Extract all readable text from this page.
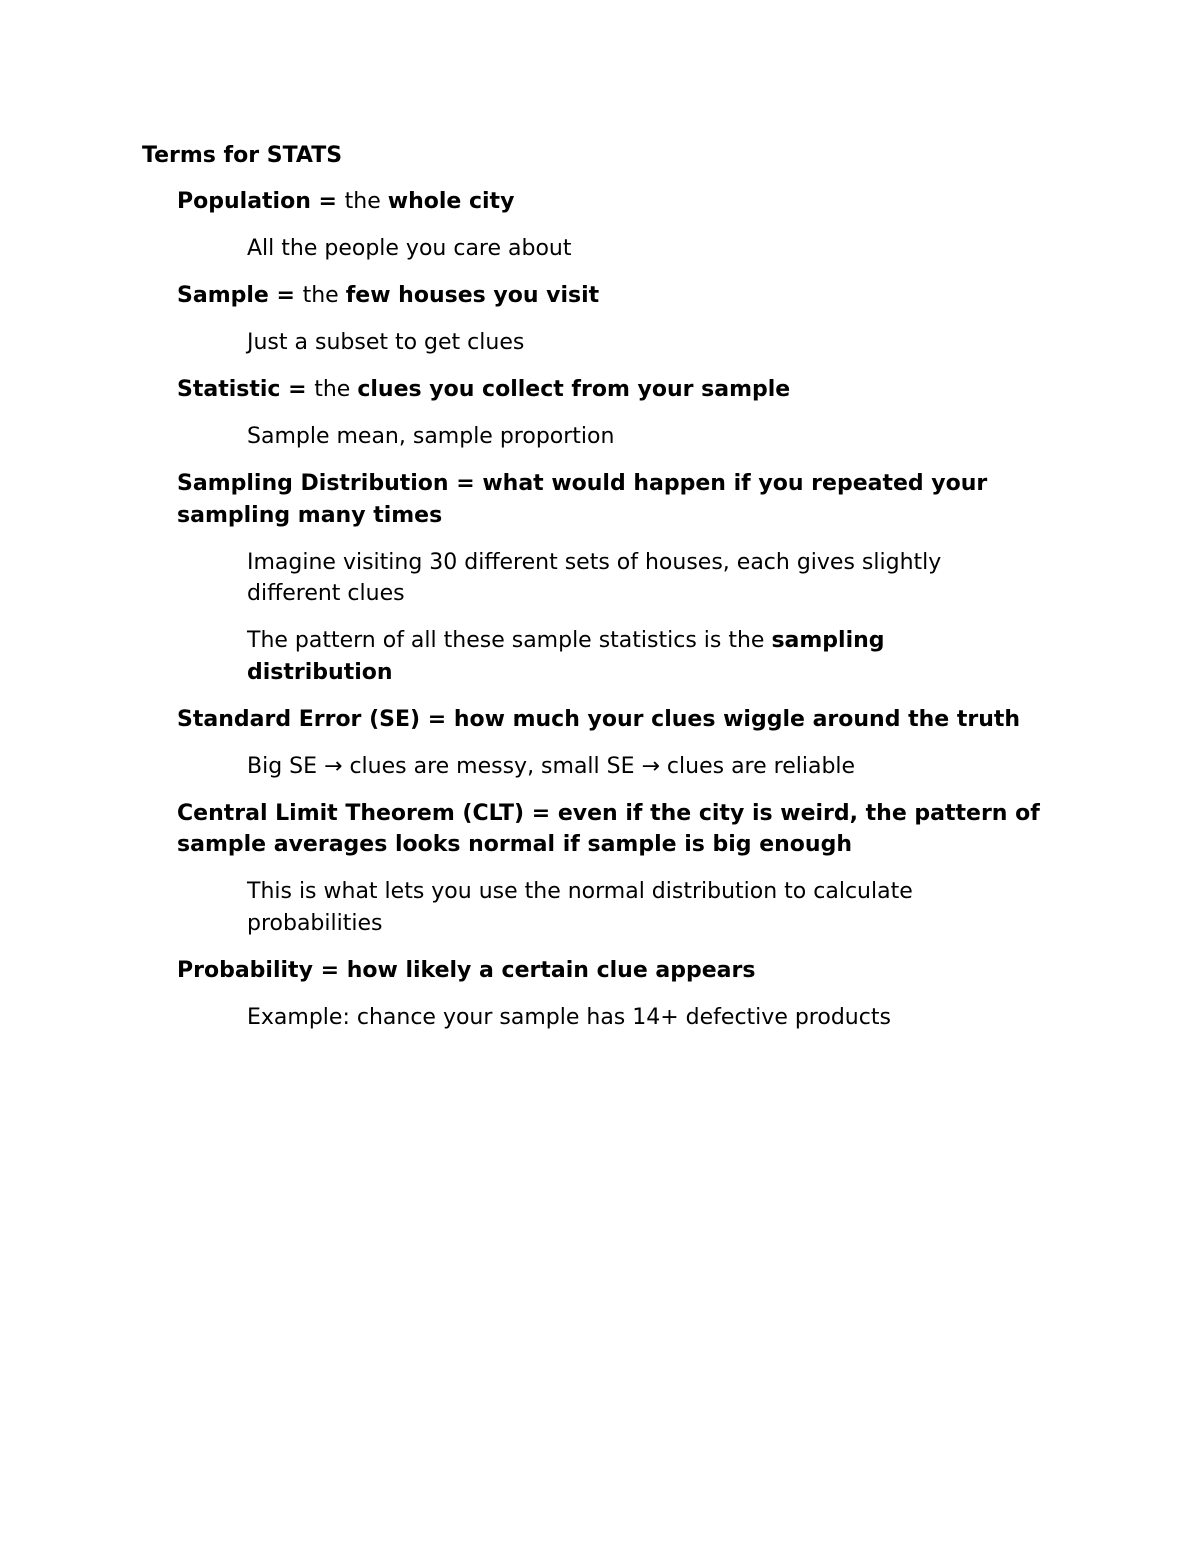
Terms for STATS

Population = the whole city

All the people you care about

Sample = the few houses you visit

Just a subset to get clues

Statistic = the clues you collect from your sample

Sample mean, sample proportion

Sampling Distribution = what would happen if you repeated your sampling many times

Imagine visiting 30 different sets of houses, each gives slightly different clues

The pattern of all these sample statistics is the sampling distribution

Standard Error (SE) = how much your clues wiggle around the truth

Big SE → clues are messy, small SE → clues are reliable

Central Limit Theorem (CLT) = even if the city is weird, the pattern of sample averages looks normal if sample is big enough

This is what lets you use the normal distribution to calculate probabilities

Probability = how likely a certain clue appears

Example: chance your sample has 14+ defective products
